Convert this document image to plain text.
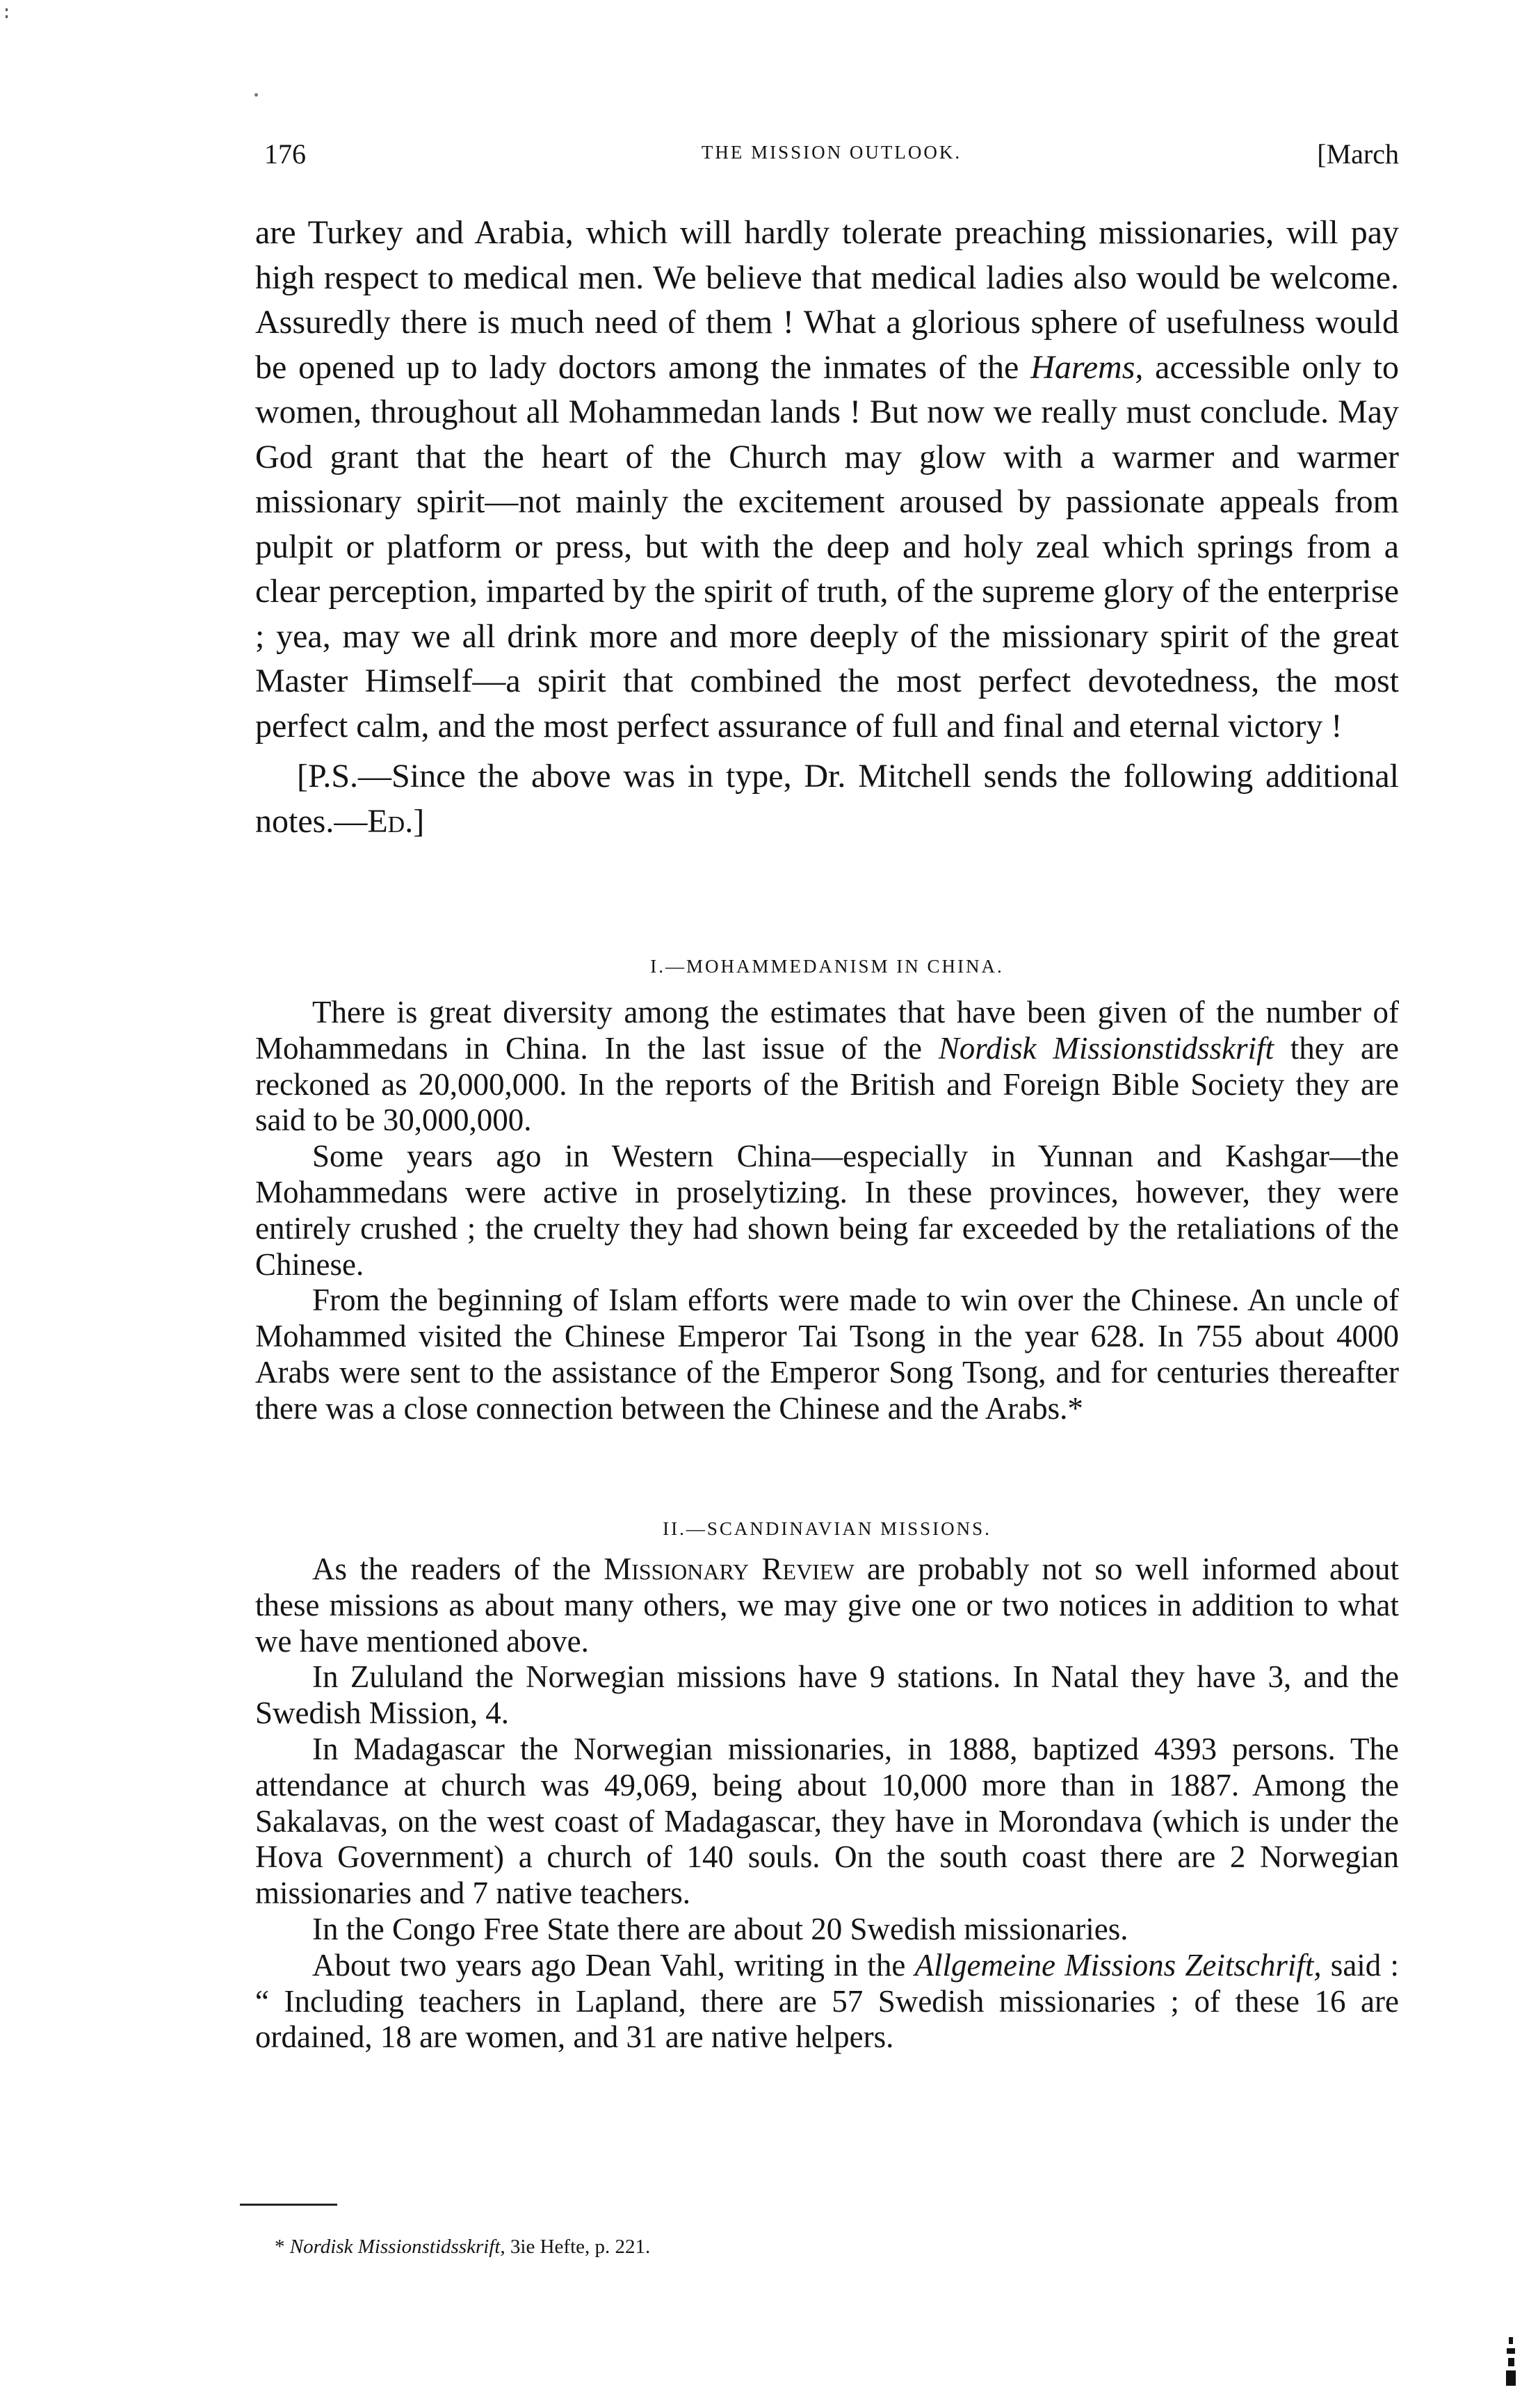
176	THE MISSION OUTLOOK.	[March

are Turkey and Arabia, which will hardly tolerate preaching missionaries, will pay high respect to medical men. We believe that medical ladies also would be welcome. Assuredly there is much need of them ! What a glorious sphere of usefulness would be opened up to lady doctors among the inmates of the Harems, accessible only to women, throughout all Mohammedan lands ! But now we really must conclude. May God grant that the heart of the Church may glow with a warmer and warmer missionary spirit—not mainly the excitement aroused by passionate appeals from pulpit or platform or press, but with the deep and holy zeal which springs from a clear perception, imparted by the spirit of truth, of the supreme glory of the enterprise ; yea, may we all drink more and more deeply of the missionary spirit of the great Master Himself—a spirit that combined the most perfect devotedness, the most perfect calm, and the most perfect assurance of full and final and eternal victory !

[P.S.—Since the above was in type, Dr. Mitchell sends the following additional notes.—Ed.]

I.—MOHAMMEDANISM IN CHINA.

There is great diversity among the estimates that have been given of the number of Mohammedans in China. In the last issue of the Nordisk Missionstidsskrift they are reckoned as 20,000,000. In the reports of the British and Foreign Bible Society they are said to be 30,000,000.

Some years ago in Western China—especially in Yunnan and Kashgar—the Mohammedans were active in proselytizing. In these provinces, however, they were entirely crushed ; the cruelty they had shown being far exceeded by the retaliations of the Chinese.

From the beginning of Islam efforts were made to win over the Chinese. An uncle of Mohammed visited the Chinese Emperor Tai Tsong in the year 628. In 755 about 4000 Arabs were sent to the assistance of the Emperor Song Tsong, and for centuries thereafter there was a close connection between the Chinese and the Arabs.*

II.—SCANDINAVIAN MISSIONS.

As the readers of the Missionary Review are probably not so well informed about these missions as about many others, we may give one or two notices in addition to what we have mentioned above.

In Zululand the Norwegian missions have 9 stations. In Natal they have 3, and the Swedish Mission, 4.

In Madagascar the Norwegian missionaries, in 1888, baptized 4393 persons. The attendance at church was 49,069, being about 10,000 more than in 1887. Among the Sakalavas, on the west coast of Madagascar, they have in Morondava (which is under the Hova Government) a church of 140 souls. On the south coast there are 2 Norwegian missionaries and 7 native teachers.

In the Congo Free State there are about 20 Swedish missionaries.

About two years ago Dean Vahl, writing in the Allgemeine Missions Zeitschrift, said : “ Including teachers in Lapland, there are 57 Swedish missionaries ; of these 16 are ordained, 18 are women, and 31 are native helpers.

* Nordisk Missionstidsskrift, 3ie Hefte, p. 221.
